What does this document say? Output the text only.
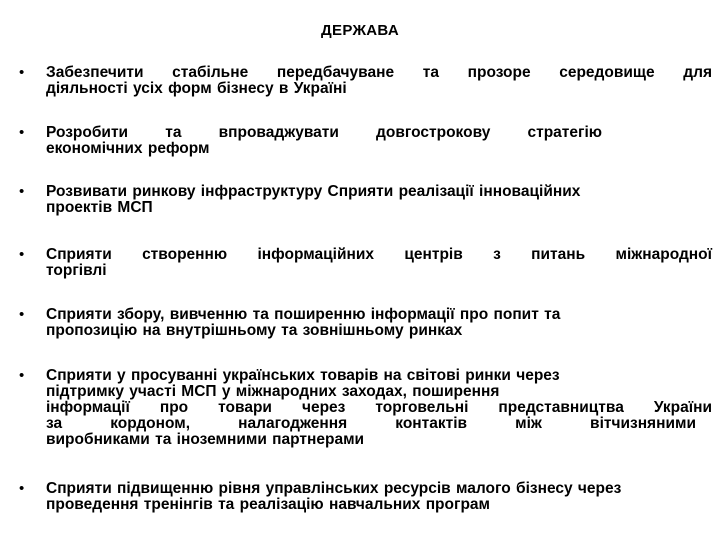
ДЕРЖАВА
• Забезпечити стабільне передбачуване та прозоре середовище для
діяльності усіх форм бізнесу в Україні
• Розробити та впроваджувати довгострокову стратегію
економічних реформ
• Розвивати ринкову інфраструктуру Сприяти реалізації інноваційних
проектів МСП
• Сприяти створенню інформаційних центрів з питань міжнародної
торгівлі
• Сприяти збору, вивченню та поширенню інформації про попит та
пропозицію на внутрішньому та зовнішньому ринках
• Сприяти у просуванні українських товарів на світові ринки через
підтримку участі МСП у міжнародних заходах, поширення
інформації про товари через торговельні представництва України
за кордоном, налагодження контактів між вітчизняними
виробниками та іноземними партнерами
• Сприяти підвищенню рівня управлінських ресурсів малого бізнесу через
проведення тренінгів та реалізацію навчальних програм
